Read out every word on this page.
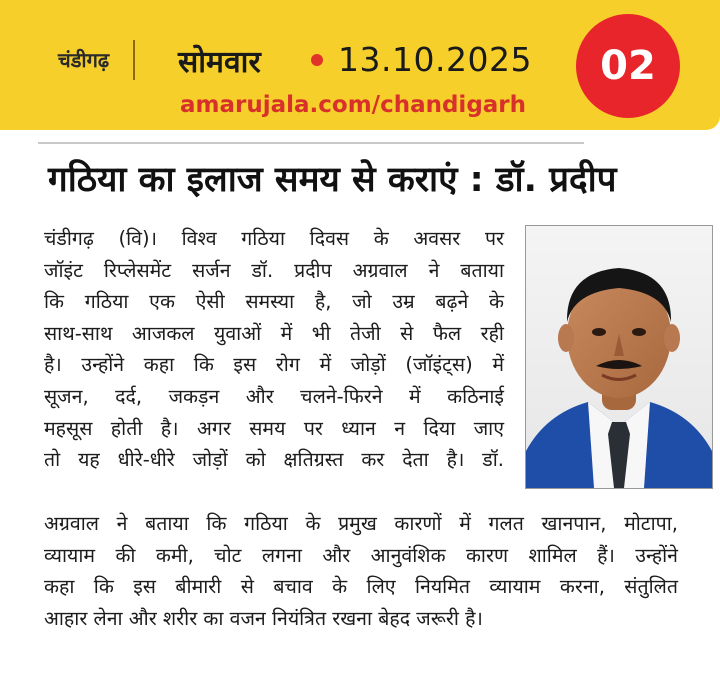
चंडीगढ़ सोमवार 13.10.2025
amarujala.com/chandigarh
02
गठिया का इलाज समय से कराएं : डॉ. प्रदीप
चंडीगढ़ (वि)। विश्व गठिया दिवस के अवसर पर
जॉइंट रिप्लेसमेंट सर्जन डॉ. प्रदीप अग्रवाल ने बताया
कि गठिया एक ऐसी समस्या है, जो उम्र बढ़ने के
साथ-साथ आजकल युवाओं में भी तेजी से फैल रही
है। उन्होंने कहा कि इस रोग में जोड़ों (जॉइंट्स) में
सूजन, दर्द, जकड़न और चलने-फिरने में कठिनाई
महसूस होती है। अगर समय पर ध्यान न दिया जाए
तो यह धीरे-धीरे जोड़ों को क्षतिग्रस्त कर देता है। डॉ.
अग्रवाल ने बताया कि गठिया के प्रमुख कारणों में गलत खानपान, मोटापा,
व्यायाम की कमी, चोट लगना और आनुवंशिक कारण शामिल हैं। उन्होंने
कहा कि इस बीमारी से बचाव के लिए नियमित व्यायाम करना, संतुलित
आहार लेना और शरीर का वजन नियंत्रित रखना बेहद जरूरी है।
